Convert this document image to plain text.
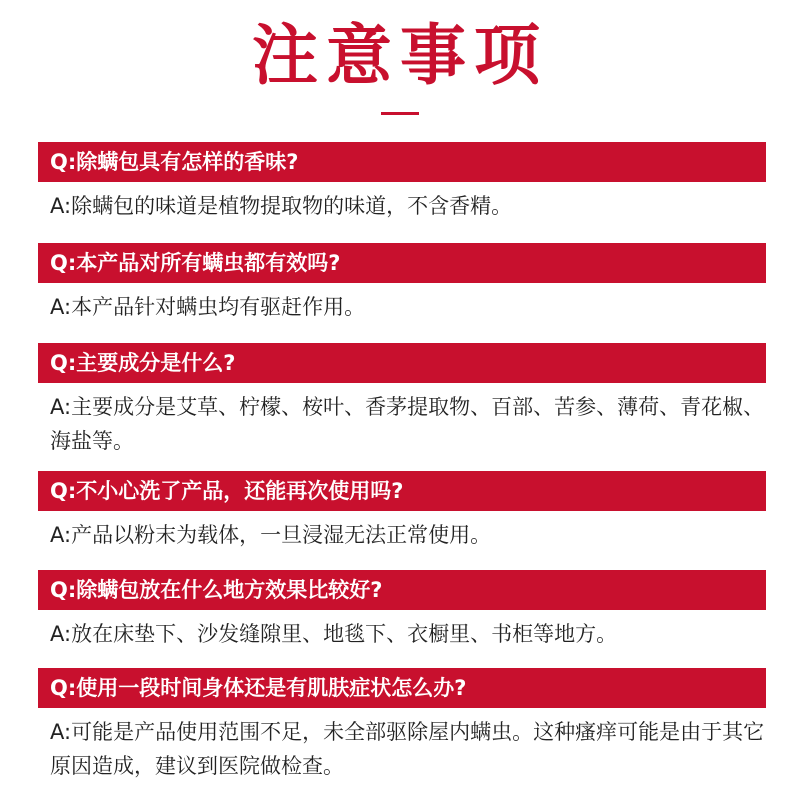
注意事项
Q:除螨包具有怎样的香味?
A:除螨包的味道是植物提取物的味道，不含香精。
Q:本产品对所有螨虫都有效吗?
A:本产品针对螨虫均有驱赶作用。
Q:主要成分是什么?
A:主要成分是艾草、柠檬、桉叶、香茅提取物、百部、苦参、薄荷、青花椒、海盐等。
Q:不小心洗了产品，还能再次使用吗?
A:产品以粉末为载体，一旦浸湿无法正常使用。
Q:除螨包放在什么地方效果比较好?
A:放在床垫下、沙发缝隙里、地毯下、衣橱里、书柜等地方。
Q:使用一段时间身体还是有肌肤症状怎么办?
A:可能是产品使用范围不足，未全部驱除屋内螨虫。这种瘙痒可能是由于其它原因造成，建议到医院做检查。
